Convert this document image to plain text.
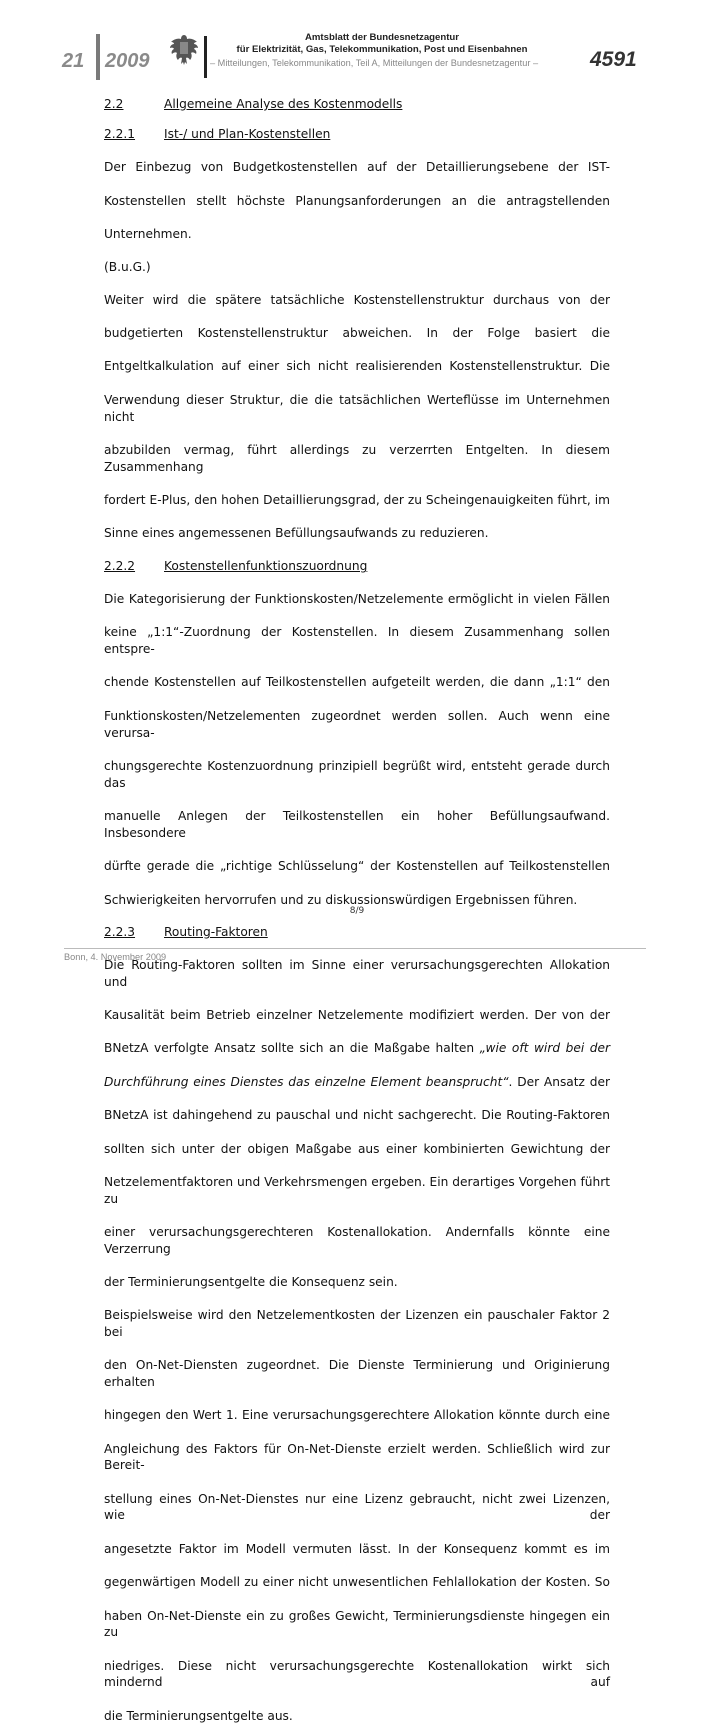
21 2009
Amtsblatt der Bundesnetzagentur
für Elektrizität, Gas, Telekommunikation, Post und Eisenbahnen
– Mitteilungen, Telekommunikation, Teil A, Mitteilungen der Bundesnetzagentur – 4591
2.2	Allgemeine Analyse des Kostenmodells
2.2.1	Ist-/ und Plan-Kostenstellen

Der Einbezug von Budgetkostenstellen auf der Detaillierungsebene der IST-

Kostenstellen stellt höchste Planungsanforderungen an die antragstellenden

Unternehmen.

(B.u.G.)

Weiter wird die spätere tatsächliche Kostenstellenstruktur durchaus von der

budgetierten Kostenstellenstruktur abweichen. In der Folge basiert die

Entgeltkalkulation auf einer sich nicht realisierenden Kostenstellenstruktur. Die

Verwendung dieser Struktur, die die tatsächlichen Werteflüsse im Unternehmen nicht

abzubilden vermag, führt allerdings zu verzerrten Entgelten. In diesem Zusammenhang

fordert E-Plus, den hohen Detaillierungsgrad, der zu Scheingenauigkeiten führt, im

Sinne eines angemessenen Befüllungsaufwands zu reduzieren.

2.2.2	Kostenstellenfunktionszuordnung

Die Kategorisierung der Funktionskosten/Netzelemente ermöglicht in vielen Fällen

keine „1:1“-Zuordnung der Kostenstellen. In diesem Zusammenhang sollen entspre-

chende Kostenstellen auf Teilkostenstellen aufgeteilt werden, die dann „1:1“ den

Funktionskosten/Netzelementen zugeordnet werden sollen. Auch wenn eine verursa-

chungsgerechte Kostenzuordnung prinzipiell begrüßt wird, entsteht gerade durch das

manuelle Anlegen der Teilkostenstellen ein hoher Befüllungsaufwand. Insbesondere

dürfte gerade die „richtige Schlüsselung“ der Kostenstellen auf Teilkostenstellen

Schwierigkeiten hervorrufen und zu diskussionswürdigen Ergebnissen führen.

2.2.3	Routing-Faktoren

Die Routing-Faktoren sollten im Sinne einer verursachungsgerechten Allokation und

Kausalität beim Betrieb einzelner Netzelemente modifiziert werden. Der von der

BNetzA verfolgte Ansatz sollte sich an die Maßgabe halten „wie oft wird bei der

Durchführung eines Dienstes das einzelne Element beansprucht“. Der Ansatz der

BNetzA ist dahingehend zu pauschal und nicht sachgerecht. Die Routing-Faktoren

sollten sich unter der obigen Maßgabe aus einer kombinierten Gewichtung der

Netzelementfaktoren und Verkehrsmengen ergeben. Ein derartiges Vorgehen führt zu

einer verursachungsgerechteren Kostenallokation. Andernfalls könnte eine Verzerrung

der Terminierungsentgelte die Konsequenz sein.

Beispielsweise wird den Netzelementkosten der Lizenzen ein pauschaler Faktor 2 bei

den On-Net-Diensten zugeordnet. Die Dienste Terminierung und Originierung erhalten

hingegen den Wert 1. Eine verursachungsgerechtere Allokation könnte durch eine

Angleichung des Faktors für On-Net-Dienste erzielt werden. Schließlich wird zur Bereit-

stellung eines On-Net-Dienstes nur eine Lizenz gebraucht, nicht zwei Lizenzen, wie der

angesetzte Faktor im Modell vermuten lässt. In der Konsequenz kommt es im

gegenwärtigen Modell zu einer nicht unwesentlichen Fehlallokation der Kosten. So

haben On-Net-Dienste ein zu großes Gewicht, Terminierungsdienste hingegen ein zu

niedriges. Diese nicht verursachungsgerechte Kostenallokation wirkt sich mindernd auf

die Terminierungsentgelte aus.

8/9
Bonn, 4. November 2009
